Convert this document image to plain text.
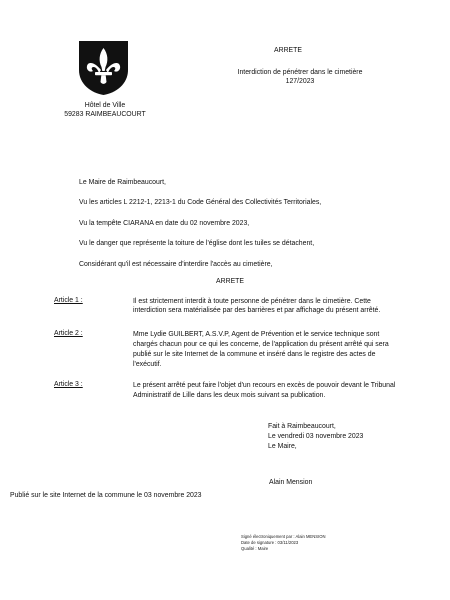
ARRETE
Interdiction de pénétrer dans le cimetière
127/2023
Hôtel de Ville
59283 RAIMBEAUCOURT
Le Maire de Raimbeaucourt,
Vu les articles L 2212-1, 2213-1 du Code Général des Collectivités Territoriales,
Vu la tempête CIARANA en date du 02 novembre 2023,
Vu le danger que représente la toiture de l'église dont les tuiles se détachent,
Considérant qu'il est nécessaire d'interdire l'accès au cimetière,
ARRETE
Article 1 :	Il est strictement interdit à toute personne de pénétrer dans le cimetière. Cette
interdiction sera matérialisée par des barrières et par affichage du présent arrêté.
Article 2 :	Mme Lydie GUILBERT, A.S.V.P, Agent de Prévention et le service technique sont
chargés chacun pour ce qui les concerne, de l'application du présent arrêté qui sera
publié sur le site Internet de la commune et inséré dans le registre des actes de
l'exécutif.
Article 3 :	Le présent arrêté peut faire l'objet d'un recours en excès de pouvoir devant le Tribunal
Administratif de Lille dans les deux mois suivant sa publication.
Fait à Raimbeaucourt,
Le vendredi 03 novembre 2023
Le Maire,
Alain Mension
Publié sur le site Internet de la commune le 03 novembre 2023
Signé électroniquement par : Alain MENSION
Date de signature : 03/11/2023
Qualité : Maire
